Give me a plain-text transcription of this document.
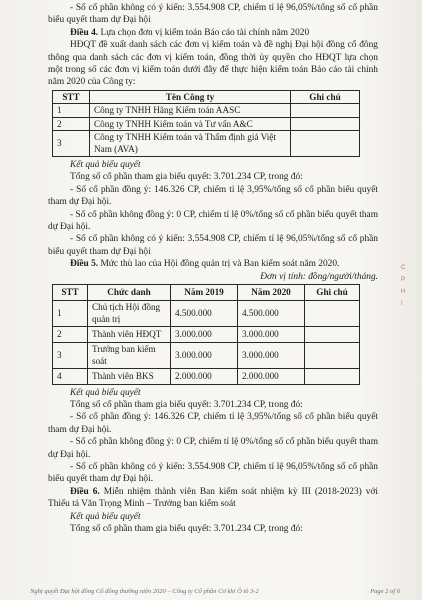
- Số cổ phần không có ý kiến: 3.554.908 CP, chiếm tỉ lệ 96,05%/tổng số cổ phần biểu quyết tham dự Đại hội

Điều 4. Lựa chọn đơn vị kiểm toán Báo cáo tài chính năm 2020

HĐQT đề xuất danh sách các đơn vị kiểm toán và đề nghị Đại hội đồng cổ đông thông qua danh sách các đơn vị kiểm toán, đồng thời ủy quyền cho HĐQT lựa chọn một trong số các đơn vị kiểm toán dưới đây để thực hiện kiểm toán Báo cáo tài chính năm 2020 của Công ty:

STT	Tên Công ty	Ghi chú
1	Công ty TNHH Hãng Kiểm toán AASC	
2	Công ty TNHH Kiểm toán và Tư vấn A&C	
3	Công ty TNHH Kiểm toán và Thẩm định giá Việt Nam (AVA)	

Kết quả biểu quyết

Tổng số cổ phần tham gia biểu quyết: 3.701.234 CP, trong đó:

- Số cổ phần đồng ý: 146.326 CP, chiếm tỉ lệ 3,95%/tổng số cổ phần biểu quyết tham dự Đại hội.

- Số cổ phần không đồng ý: 0 CP, chiếm tỉ lệ 0%/tổng số cổ phần biểu quyết tham dự Đại hội.

- Số cổ phần không có ý kiến: 3.554.908 CP, chiếm tỉ lệ 96,05%/tổng số cổ phần biểu quyết tham dự Đại hội

Điều 5. Mức thù lao của Hội đồng quản trị và Ban kiểm soát năm 2020.

Đơn vị tính: đồng/người/tháng.

STT	Chức danh	Năm 2019	Năm 2020	Ghi chú
1	Chủ tịch Hội đồng quản trị	4.500.000	4.500.000	
2	Thành viên HĐQT	3.000.000	3.000.000	
3	Trưởng ban kiểm soát	3.000.000	3.000.000	
4	Thành viên BKS	2.000.000	2.000.000	

Kết quả biểu quyết

Tổng số cổ phần tham gia biểu quyết: 3.701.234 CP, trong đó:

- Số cổ phần đồng ý: 146.326 CP, chiếm tỉ lệ 3,95%/tổng số cổ phần biểu quyết tham dự Đại hội.

- Số cổ phần không đồng ý: 0 CP, chiếm tỉ lệ 0%/tổng số cổ phần biểu quyết tham dự Đại hội.

- Số cổ phần không có ý kiến: 3.554.908 CP, chiếm tỉ lệ 96,05%/tổng số cổ phần biểu quyết tham dự Đại hội.

Điều 6. Miễn nhiệm thành viên Ban kiểm soát nhiệm kỳ III (2018-2023) với Thiếu tá Văn Trọng Minh – Trưởng ban kiểm soát

Kết quả biểu quyết

Tổng số cổ phần tham gia biểu quyết: 3.701.234 CP, trong đó:

C
P
H
I
Nghị quyết Đại hội đồng Cổ đông thường niên 2020 – Công ty Cổ phần Cơ khí Ô tô 3-2	Page 2 of 6
